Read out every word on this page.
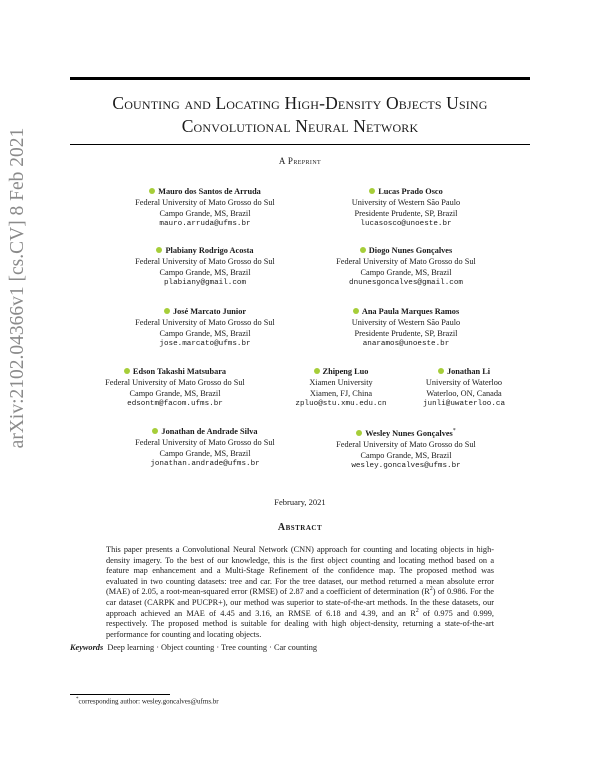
arXiv:2102.04366v1 [cs.CV] 8 Feb 2021
Counting and Locating High-Density Objects Using
Convolutional Neural Network
A Preprint
Mauro dos Santos de Arruda
Federal University of Mato Grosso do Sul
Campo Grande, MS, Brazil
mauro.arruda@ufms.br
Lucas Prado Osco
University of Western São Paulo
Presidente Prudente, SP, Brazil
lucasosco@unoeste.br
Plabiany Rodrigo Acosta
Federal University of Mato Grosso do Sul
Campo Grande, MS, Brazil
plabiany@gmail.com
Diogo Nunes Gonçalves
Federal University of Mato Grosso do Sul
Campo Grande, MS, Brazil
dnunesgoncalves@gmail.com
José Marcato Junior
Federal University of Mato Grosso do Sul
Campo Grande, MS, Brazil
jose.marcato@ufms.br
Ana Paula Marques Ramos
University of Western São Paulo
Presidente Prudente, SP, Brazil
anaramos@unoeste.br
Edson Takashi Matsubara
Federal University of Mato Grosso do Sul
Campo Grande, MS, Brazil
edsontm@facom.ufms.br
Zhipeng Luo
Xiamen University
Xiamen, FJ, China
zpluo@stu.xmu.edu.cn
Jonathan Li
University of Waterloo
Waterloo, ON, Canada
junli@uwaterloo.ca
Jonathan de Andrade Silva
Federal University of Mato Grosso do Sul
Campo Grande, MS, Brazil
jonathan.andrade@ufms.br
Wesley Nunes Gonçalves*
Federal University of Mato Grosso do Sul
Campo Grande, MS, Brazil
wesley.goncalves@ufms.br
February, 2021
Abstract
This paper presents a Convolutional Neural Network (CNN) approach for counting and locating objects in high-density imagery. To the best of our knowledge, this is the first object counting and locating method based on a feature map enhancement and a Multi-Stage Refinement of the confidence map. The proposed method was evaluated in two counting datasets: tree and car. For the tree dataset, our method returned a mean absolute error (MAE) of 2.05, a root-mean-squared error (RMSE) of 2.87 and a coefficient of determination $(R^2)$ of 0.986. For the car dataset (CARPK and PUCPR+), our method was superior to state-of-the-art methods. In the these datasets, our approach achieved an MAE of 4.45 and 3.16, an RMSE of 6.18 and 4.39, and an $R^2$ of 0.975 and 0.999, respectively. The proposed method is suitable for dealing with high object-density, returning a state-of-the-art performance for counting and locating objects.
Keywords Deep learning · Object counting · Tree counting · Car counting
*corresponding author: wesley.goncalves@ufms.br
